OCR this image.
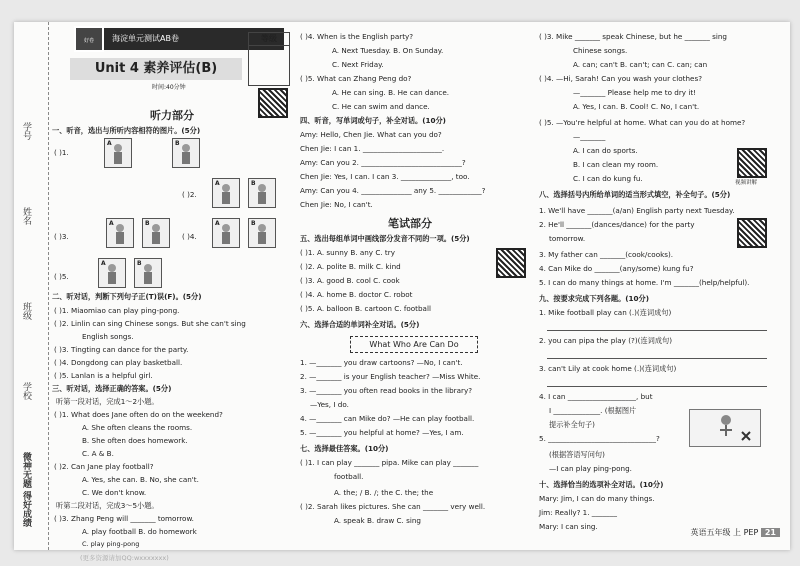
学号
姓名
班级
学校
微神无题 得好成绩
海淀单元测试AB卷
好卷	等级
Unit 4 素养评估(B)
时间:40分钟
听力部分
一、听音，选出与所听内容相符的图片。(5分)
( )1.
A	B
( )2.
A	B
( )3.
A	B
( )4.
A	B
( )5.
A	B
二、听对话，判断下列句子正(T)误(F)。(5分)
( )1. Miaomiao can play ping-pong.
( )2. Linlin can sing Chinese songs. But she can't sing
English songs.
( )3. Tingting can dance for the party.
( )4. Dongdong can play basketball.
( )5. Lanlan is a helpful girl.
三、听对话，选择正确的答案。(5分)
听第一段对话，完成1～2小题。
( )1. What does Jane often do on the weekend?
A. She often cleans the rooms.
B. She often does homework.
C. A & B.
( )2. Can Jane play football?
A. Yes, she can. B. No, she can't.
C. We don't know.
听第二段对话，完成3～5小题。
( )3. Zhang Peng will _______ tomorrow.
A. play football B. do homework
C. play ping-pong
( )4. When is the English party?
A. Next Tuesday. B. On Sunday.
C. Next Friday.
( )5. What can Zhang Peng do?
A. He can sing. B. He can dance.
C. He can swim and dance.
四、听音，写单词或句子，补全对话。(10分)
Amy: Hello, Chen Jie. What can you do?
Chen Jie: I can 1. ______________________.
Amy: Can you 2. ____________________________?
Chen Jie: Yes, I can. I can 3. ______________, too.
Amy: Can you 4. ______________ any 5. ____________?
Chen Jie: No, I can't.
笔试部分
五、选出每组单词中画线部分发音不同的一项。(5分)
( )1. A. sunny B. any C. try
( )2. A. polite B. milk C. kind
( )3. A. good B. cool C. cook
( )4. A. home B. doctor C. robot
( )5. A. balloon B. cartoon C. football
六、选择合适的单词补全对话。(5分)
What Who Are Can Do
1. —_______ you draw cartoons? —No, I can't.
2. —_______ is your English teacher? —Miss White.
3. —_______ you often read books in the library?
—Yes, I do.
4. —_______ can Mike do? —He can play football.
5. —_______ you helpful at home? —Yes, I am.
七、选择最佳答案。(10分)
( )1. I can play _______ pipa. Mike can play _______
football.
A. the; / B. /; the C. the; the
( )2. Sarah likes pictures. She can _______ very well.
A. speak B. draw C. sing
( )3. Mike _______ speak Chinese, but he _______ sing
Chinese songs.
A. can; can't B. can't; can C. can; can
( )4. —Hi, Sarah! Can you wash your clothes?
—_______ Please help me to dry it!
A. Yes, I can. B. Cool! C. No, I can't.
( )5. —You're helpful at home. What can you do at home?
—_______
A. I can do sports.
B. I can clean my room.
C. I can do kung fu.	视频讲解
八、选择括号内所给单词的适当形式填空，补全句子。(5分)
1. We'll have _______(a/an) English party next Tuesday.
2. He'll _______(dances/dance) for the party
tomorrow.
3. My father can _______(cook/cooks).
4. Can Mike do _______(any/some) kung fu?
5. I can do many things at home. I'm _______(help/helpful).
九、按要求完成下列各题。(10分)
1. Mike football play can (.)(连词成句)
2. you can pipa the play (?)(连词成句)
3. can't Lily at cook home (.)(连词成句)
4. I can ___________________, but
I _____________. (根据图片
提示补全句子)
5. ______________________________?
(根据答语写问句)
—I can play ping-pong.
十、选择恰当的选项补全对话。(10分)
Mary: Jim, I can do many things.
Jim: Really? 1. _______
Mary: I can sing.
英语五年级 上 PEP 21
(更多资源请加QQ:wxxxxxxx)
